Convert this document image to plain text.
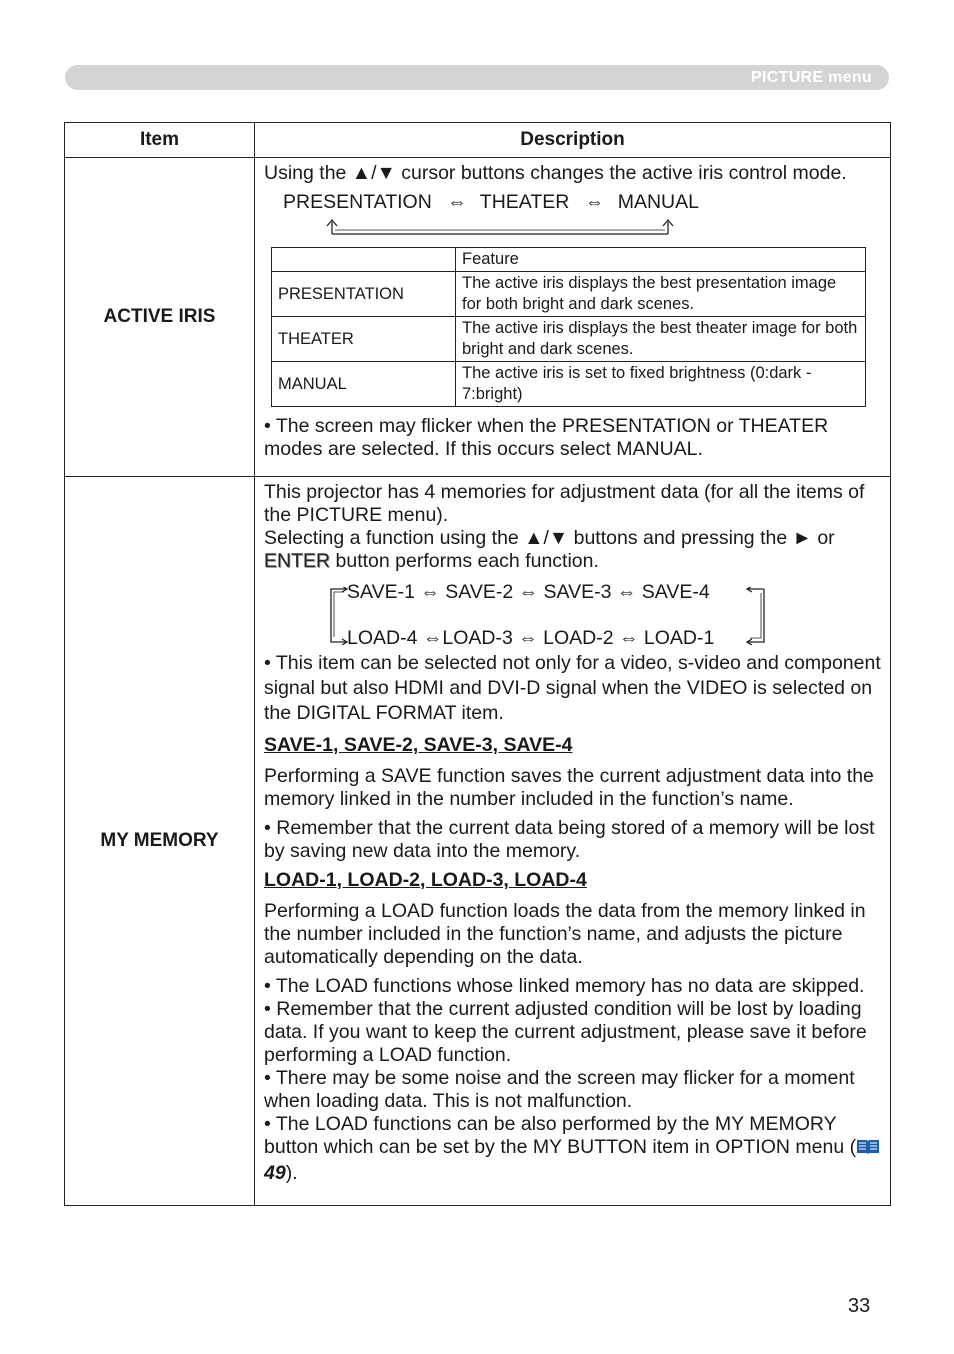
PICTURE menu
Item	Description
ACTIVE IRIS	

Using the ▲/▼ cursor buttons changes the active iris control mode.

PRESENTATION ⇔ THEATER ⇔ MANUAL
	Feature
PRESENTATION	The active iris displays the best presentation image for both bright and dark scenes.
THEATER	The active iris displays the best theater image for both bright and dark scenes.
MANUAL	The active iris is set to fixed brightness (0:dark - 7:bright)

• The screen may flicker when the PRESENTATION or THEATER modes are selected. If this occurs select MANUAL.

MY MEMORY	

This projector has 4 memories for adjustment data (for all the items of the PICTURE menu).

Selecting a function using the ▲/▼ buttons and pressing the ► or
ENTER button performs each function.

SAVE-1 ⇔ SAVE-2 ⇔ SAVE-3 ⇔ SAVE-4
LOAD-4 ⇔LOAD-3 ⇔ LOAD-2 ⇔ LOAD-1

• This item can be selected not only for a video, s-video and component signal but also HDMI and DVI-D signal when the VIDEO is selected on the DIGITAL FORMAT item.

SAVE-1, SAVE-2, SAVE-3, SAVE-4

Performing a SAVE function saves the current adjustment data into the memory linked in the number included in the function’s name.

• Remember that the current data being stored of a memory will be lost by saving new data into the memory.

LOAD-1, LOAD-2, LOAD-3, LOAD-4

Performing a LOAD function loads the data from the memory linked in the number included in the function’s name, and adjusts the picture automatically depending on the data.

• The LOAD functions whose linked memory has no data are skipped.

• Remember that the current adjusted condition will be lost by loading data. If you want to keep the current adjustment, please save it before performing a LOAD function.

• There may be some noise and the screen may flicker for a moment when loading data. This is not malfunction.

• The LOAD functions can be also performed by the MY MEMORY button which can be set by the MY BUTTON item in OPTION menu (49).

33
